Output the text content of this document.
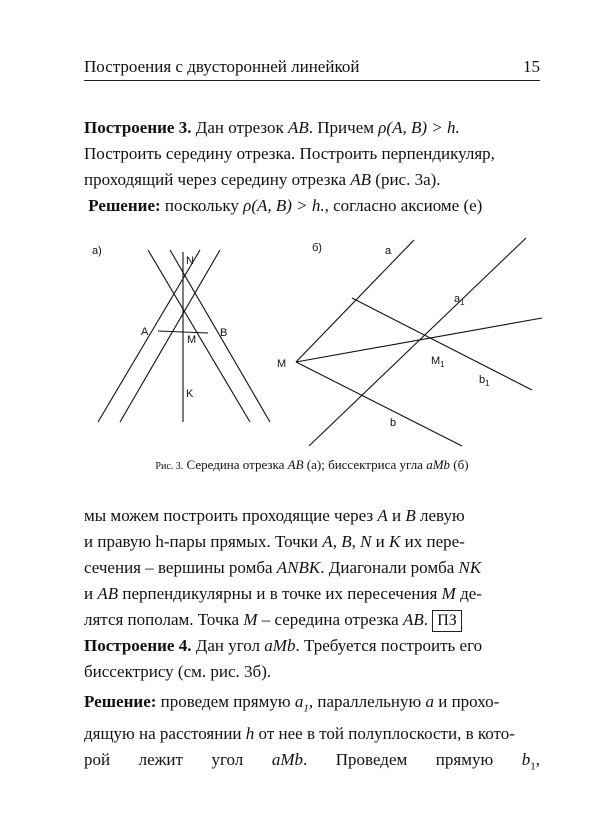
Построения с двусторонней линейкой	15

Построение 3. Дан отрезок AB. Причем ρ(A, B) > h.

Построить середину отрезка. Построить перпендикуляр,

проходящий через середину отрезка AB (рис. 3а).

Решение: поскольку ρ(A, B) > h., согласно аксиоме (е)

а)
N
A	B
M
K
б)	a
$a_1$
M	$M_1$
$b_1$
b
Рис. 3. Середина отрезка AB (а); биссектриса угла aMb (б)

мы можем построить проходящие через A и B левую

и правую h-пары прямых. Точки A, B, N и K их пере-

сечения – вершины ромба ANBK. Диагонали ромба NK

и AB перпендикулярны и в точке их пересечения M де-

лятся пополам. Точка M – середина отрезка AB. ПЗ

Построение 4. Дан угол aMb. Требуется построить его

биссектрису (см. рис. 3б).

Решение: проведем прямую $a_1$, параллельную a и прохо-

дящую на расстоянии h от нее в той полуплоскости, в кото-

рой лежит угол aMb. Проведем прямую $b_1$,
